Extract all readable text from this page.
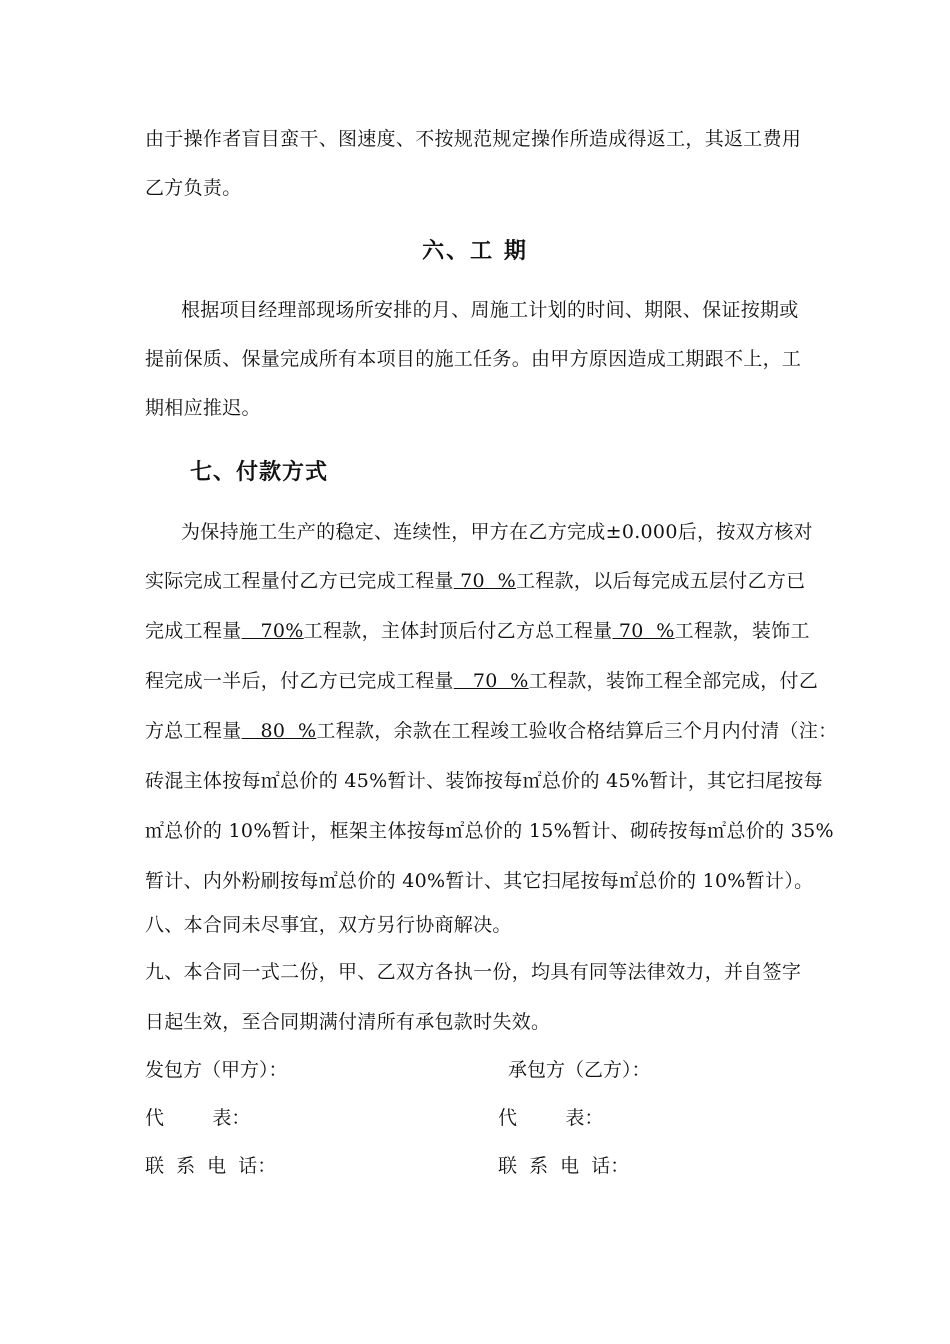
由于操作者盲目蛮干、图速度、不按规范规定操作所造成得返工，其返工费用
乙方负责。
六、工 期
根据项目经理部现场所安排的月、周施工计划的时间、期限、保证按期或
提前保质、保量完成所有本项目的施工任务。由甲方原因造成工期跟不上，工
期相应推迟。
七、付款方式
为保持施工生产的稳定、连续性，甲方在乙方完成±0.000后，按双方核对
实际完成工程量付乙方已完成工程量 70  %工程款，以后每完成五层付乙方已
完成工程量   70%工程款，主体封顶后付乙方总工程量 70  %工程款，装饰工
程完成一半后，付乙方已完成工程量   70  %工程款，装饰工程全部完成，付乙
方总工程量   80  %工程款，余款在工程竣工验收合格结算后三个月内付清（注：
砖混主体按每㎡总价的 45%暂计、装饰按每㎡总价的 45%暂计，其它扫尾按每
㎡总价的 10%暂计，框架主体按每㎡总价的 15%暂计、砌砖按每㎡总价的 35%
暂计、内外粉刷按每㎡总价的 40%暂计、其它扫尾按每㎡总价的 10%暂计）。
八、本合同未尽事宜，双方另行协商解决。
九、本合同一式二份，甲、乙双方各执一份，均具有同等法律效力，并自签字
日起生效，至合同期满付清所有承包款时失效。
发包方（甲方）：	承包方（乙方）：
代        表：	代        表：
联  系  电  话：	联  系  电  话：
